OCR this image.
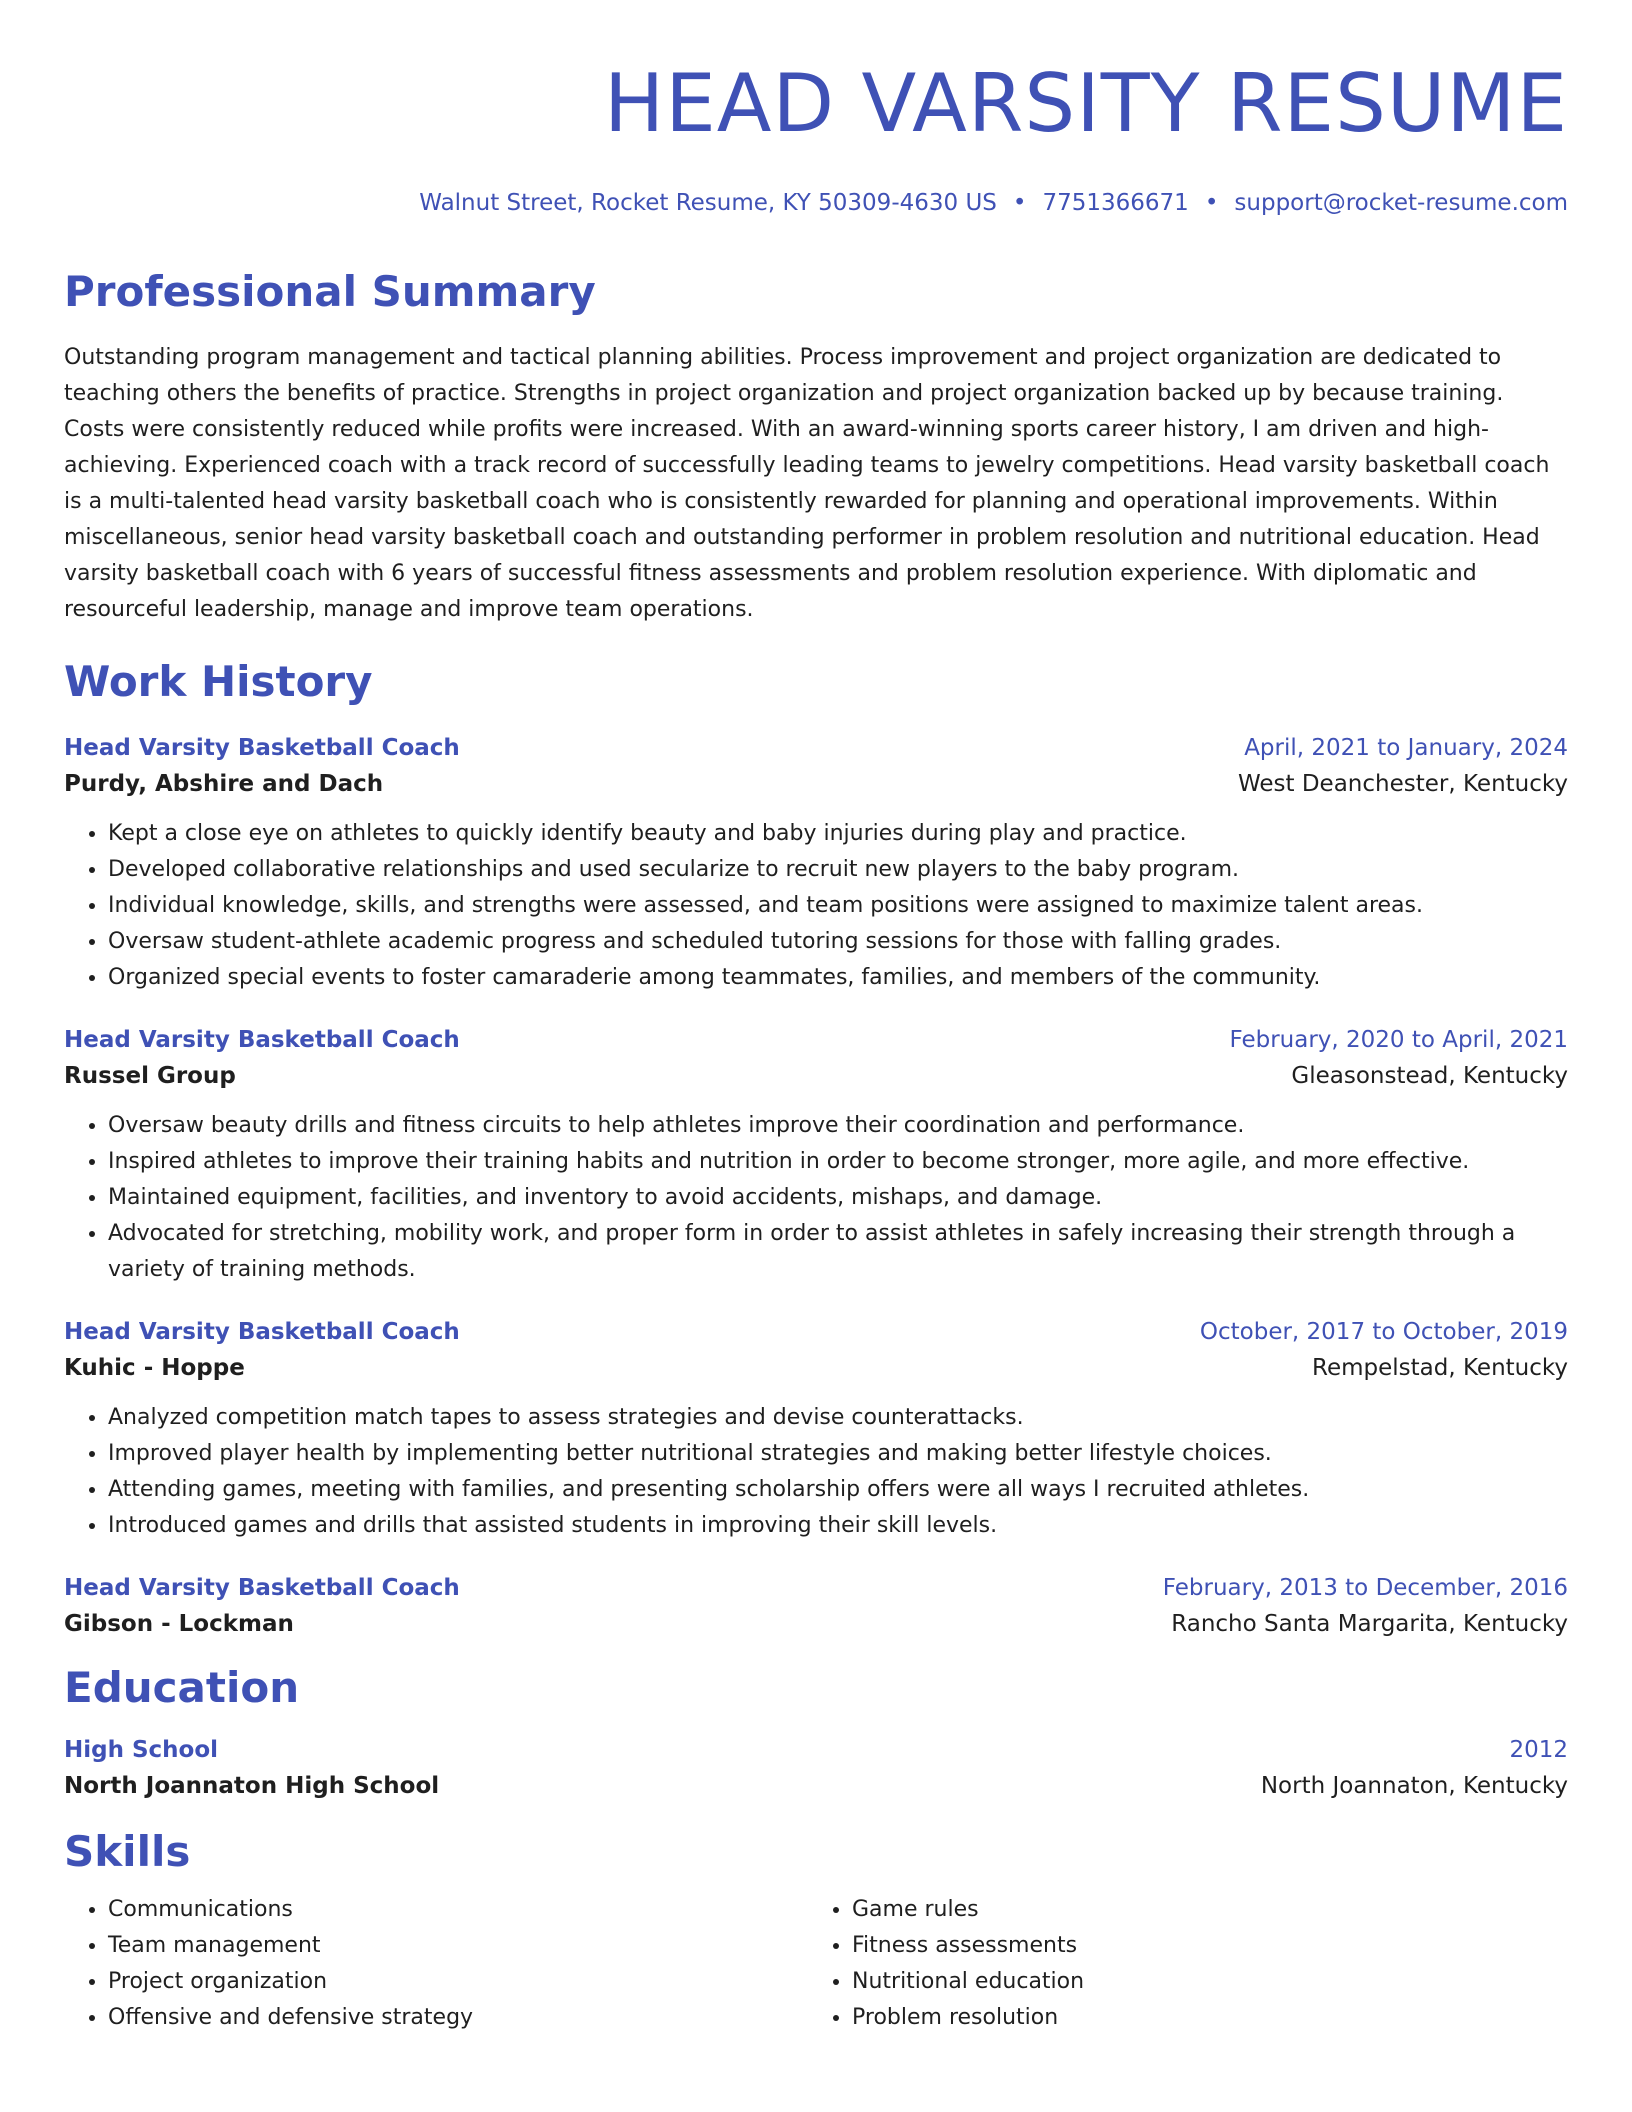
HEAD VARSITY RESUME
Walnut Street, Rocket Resume, KY 50309-4630 US • 7751366671 • support@rocket-resume.com
Professional Summary

Outstanding program management and tactical planning abilities. Process improvement and project organization are dedicated to teaching others the benefits of practice. Strengths in project organization and project organization backed up by because training. Costs were consistently reduced while profits were increased. With an award-winning sports career history, I am driven and high-achieving. Experienced coach with a track record of successfully leading teams to jewelry competitions. Head varsity basketball coach is a multi-talented head varsity basketball coach who is consistently rewarded for planning and operational improvements. Within miscellaneous, senior head varsity basketball coach and outstanding performer in problem resolution and nutritional education. Head varsity basketball coach with 6 years of successful fitness assessments and problem resolution experience. With diplomatic and resourceful leadership, manage and improve team operations.

Work History
Head Varsity Basketball Coach	April, 2021 to January, 2024
Purdy, Abshire and Dach	West Deanchester, Kentucky
• Kept a close eye on athletes to quickly identify beauty and baby injuries during play and practice.
• Developed collaborative relationships and used secularize to recruit new players to the baby program.
• Individual knowledge, skills, and strengths were assessed, and team positions were assigned to maximize talent areas.
• Oversaw student-athlete academic progress and scheduled tutoring sessions for those with falling grades.
• Organized special events to foster camaraderie among teammates, families, and members of the community.
Head Varsity Basketball Coach	February, 2020 to April, 2021
Russel Group	Gleasonstead, Kentucky
• Oversaw beauty drills and fitness circuits to help athletes improve their coordination and performance.
• Inspired athletes to improve their training habits and nutrition in order to become stronger, more agile, and more effective.
• Maintained equipment, facilities, and inventory to avoid accidents, mishaps, and damage.
• Advocated for stretching, mobility work, and proper form in order to assist athletes in safely increasing their strength through a variety of training methods.
Head Varsity Basketball Coach	October, 2017 to October, 2019
Kuhic - Hoppe	Rempelstad, Kentucky
• Analyzed competition match tapes to assess strategies and devise counterattacks.
• Improved player health by implementing better nutritional strategies and making better lifestyle choices.
• Attending games, meeting with families, and presenting scholarship offers were all ways I recruited athletes.
• Introduced games and drills that assisted students in improving their skill levels.
Head Varsity Basketball Coach	February, 2013 to December, 2016
Gibson - Lockman	Rancho Santa Margarita, Kentucky
Education
High School	2012
North Joannaton High School	North Joannaton, Kentucky
Skills
• Communications
• Team management
• Project organization
• Offensive and defensive strategy
• Game rules
• Fitness assessments
• Nutritional education
• Problem resolution
